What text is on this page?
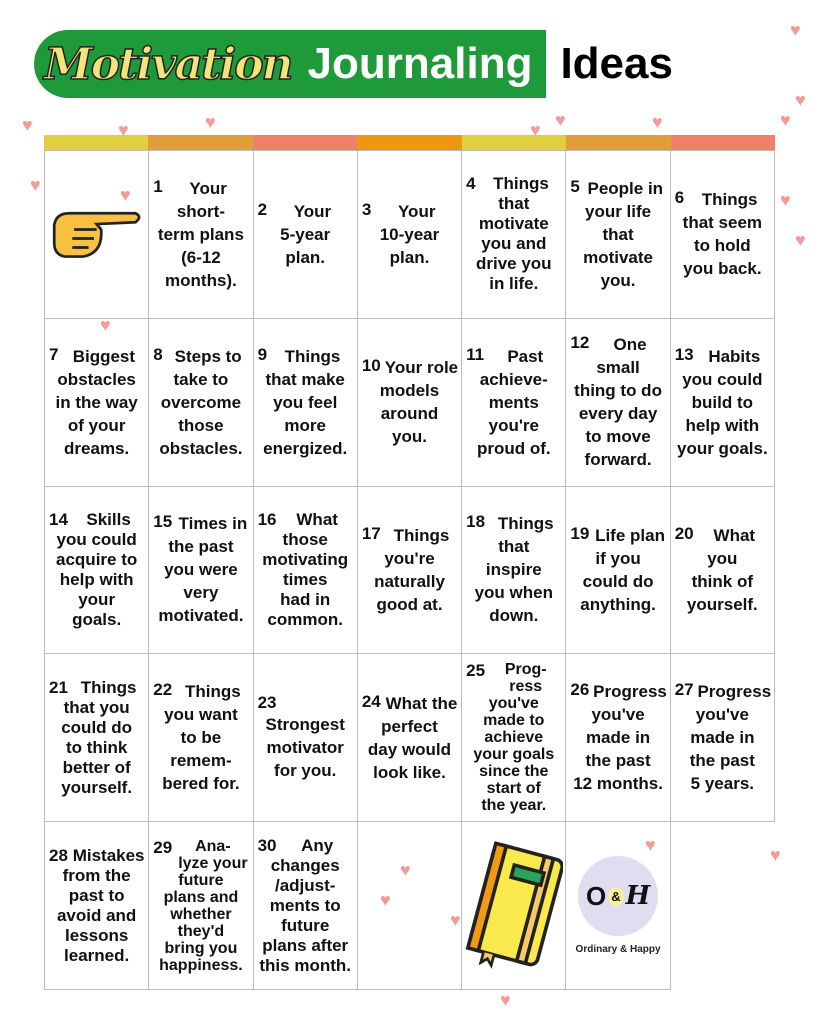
Motivation Journaling Ideas
1 Your
short-
term plans
(6-12
months).
2 Your
5-year
plan.
3 Your
10-year
plan.
4 Things
that
motivate
you and
drive you
in life.
5 People in
your life
that
motivate
you.
6 Things
that seem
to hold
you back.
7 Biggest
obstacles
in the way
of your
dreams.
8 Steps to
take to
overcome
those
obstacles.
9 Things
that make
you feel
more
energized.
10 Your role
models
around
you.
11 Past
achieve-
ments
you're
proud of.
12 One small
thing to do
every day
to move
forward.
13 Habits
you could
build to
help with
your goals.
14 Skills
you could
acquire to
help with
your
goals.
15 Times in
the past
you were
very
motivated.
16 What
those
motivating
times
had in
common.
17 Things
you're
naturally
good at.
18 Things
that
inspire
you when
down.
19 Life plan
if you
could do
anything.
20 What you
think of
yourself.
21 Things
that you
could do
to think
better of
yourself.
22 Things
you want
to be
remem-
bered for.
23
Strongest
motivator
for you.
24 What the
perfect
day would
look like.
25 Prog-
ress
you've
made to
achieve
your goals
since the
start of
the year.
26 Progress
you've
made in
the past
12 months.
27 Progress
you've
made in
the past
5 years.
28 Mistakes
from the
past to
avoid and
lessons
learned.
29 Ana-
lyze your
future
plans and
whether
they'd
bring you
happiness.
30 Any
changes
/adjust-
ments to
future
plans after
this month.
O & H
Ordinary & Happy
♥	♥	♥	♥ ♥	♥
♥
♥	♥	♥
♥
♥
♥
♥
♥
♥
♥
♥
♥	♥
